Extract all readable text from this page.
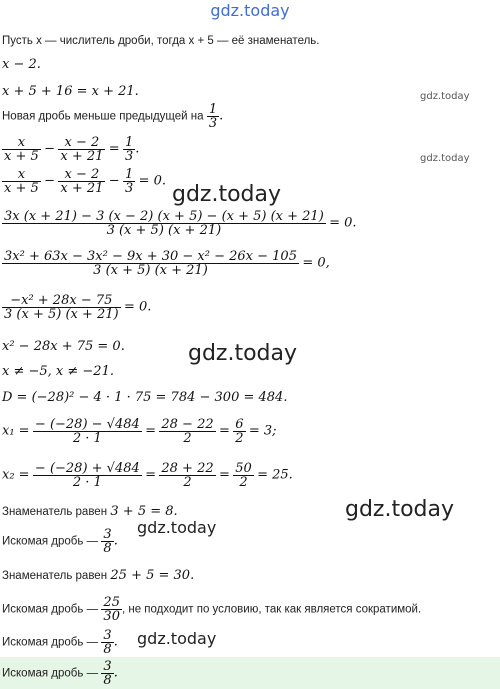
gdz.today
Пусть x — числитель дроби, тогда x + 5 — её знаменатель.
x − 2.
x + 5 + 16 = x + 21.
Новая дробь меньше предыдущей на $\frac{1}{3}$ .
$\frac{x}{x + 5} - \frac{x - 2}{x + 21} = \frac{1}{3}$ .
$\frac{x}{x + 5} - \frac{x - 2}{x + 21} - \frac{1}{3} = 0$.
$\frac{3x (x + 21) - 3 (x - 2) (x + 5) - (x + 5) (x + 21)}{3 (x + 5) (x + 21)} = 0$.
$\frac{\text{3x² + 63x − 3x² − 9x + 30 − x² − 26x − 105}}{3 (x + 5) (x + 21)} = 0$,
$\frac{\text{−x² + 28x − 75}}{3 (x + 5) (x + 21)} = 0$.
x² − 28x + 75 = 0.
x ≠ −5, x ≠ −21.
D = (−28)² − 4 · 1 · 75 = 784 − 300 = 484.
$x_1 = \frac{- (-28) - √484}{2 \cdot 1} = \frac{28 - 22}{2} = \frac{6}{2} = 3$;
$x_2 = \frac{- (-28) + √484}{2 \cdot 1} = \frac{28 + 22}{2} = \frac{50}{2} = 25$.
Знаменатель равен 3 + 5 = 8.
Искомая дробь — $\frac{3}{8}$ .
Знаменатель равен 25 + 5 = 30.
Искомая дробь — $\frac{25}{30}$ , не подходит по условию, так как является сократимой.
Искомая дробь — $\frac{3}{8}$ .
Искомая дробь — $\frac{3}{8}$ .
gdz.today
gdz.today
gdz.today
gdz.today
gdz.today
gdz.today
gdz.today
